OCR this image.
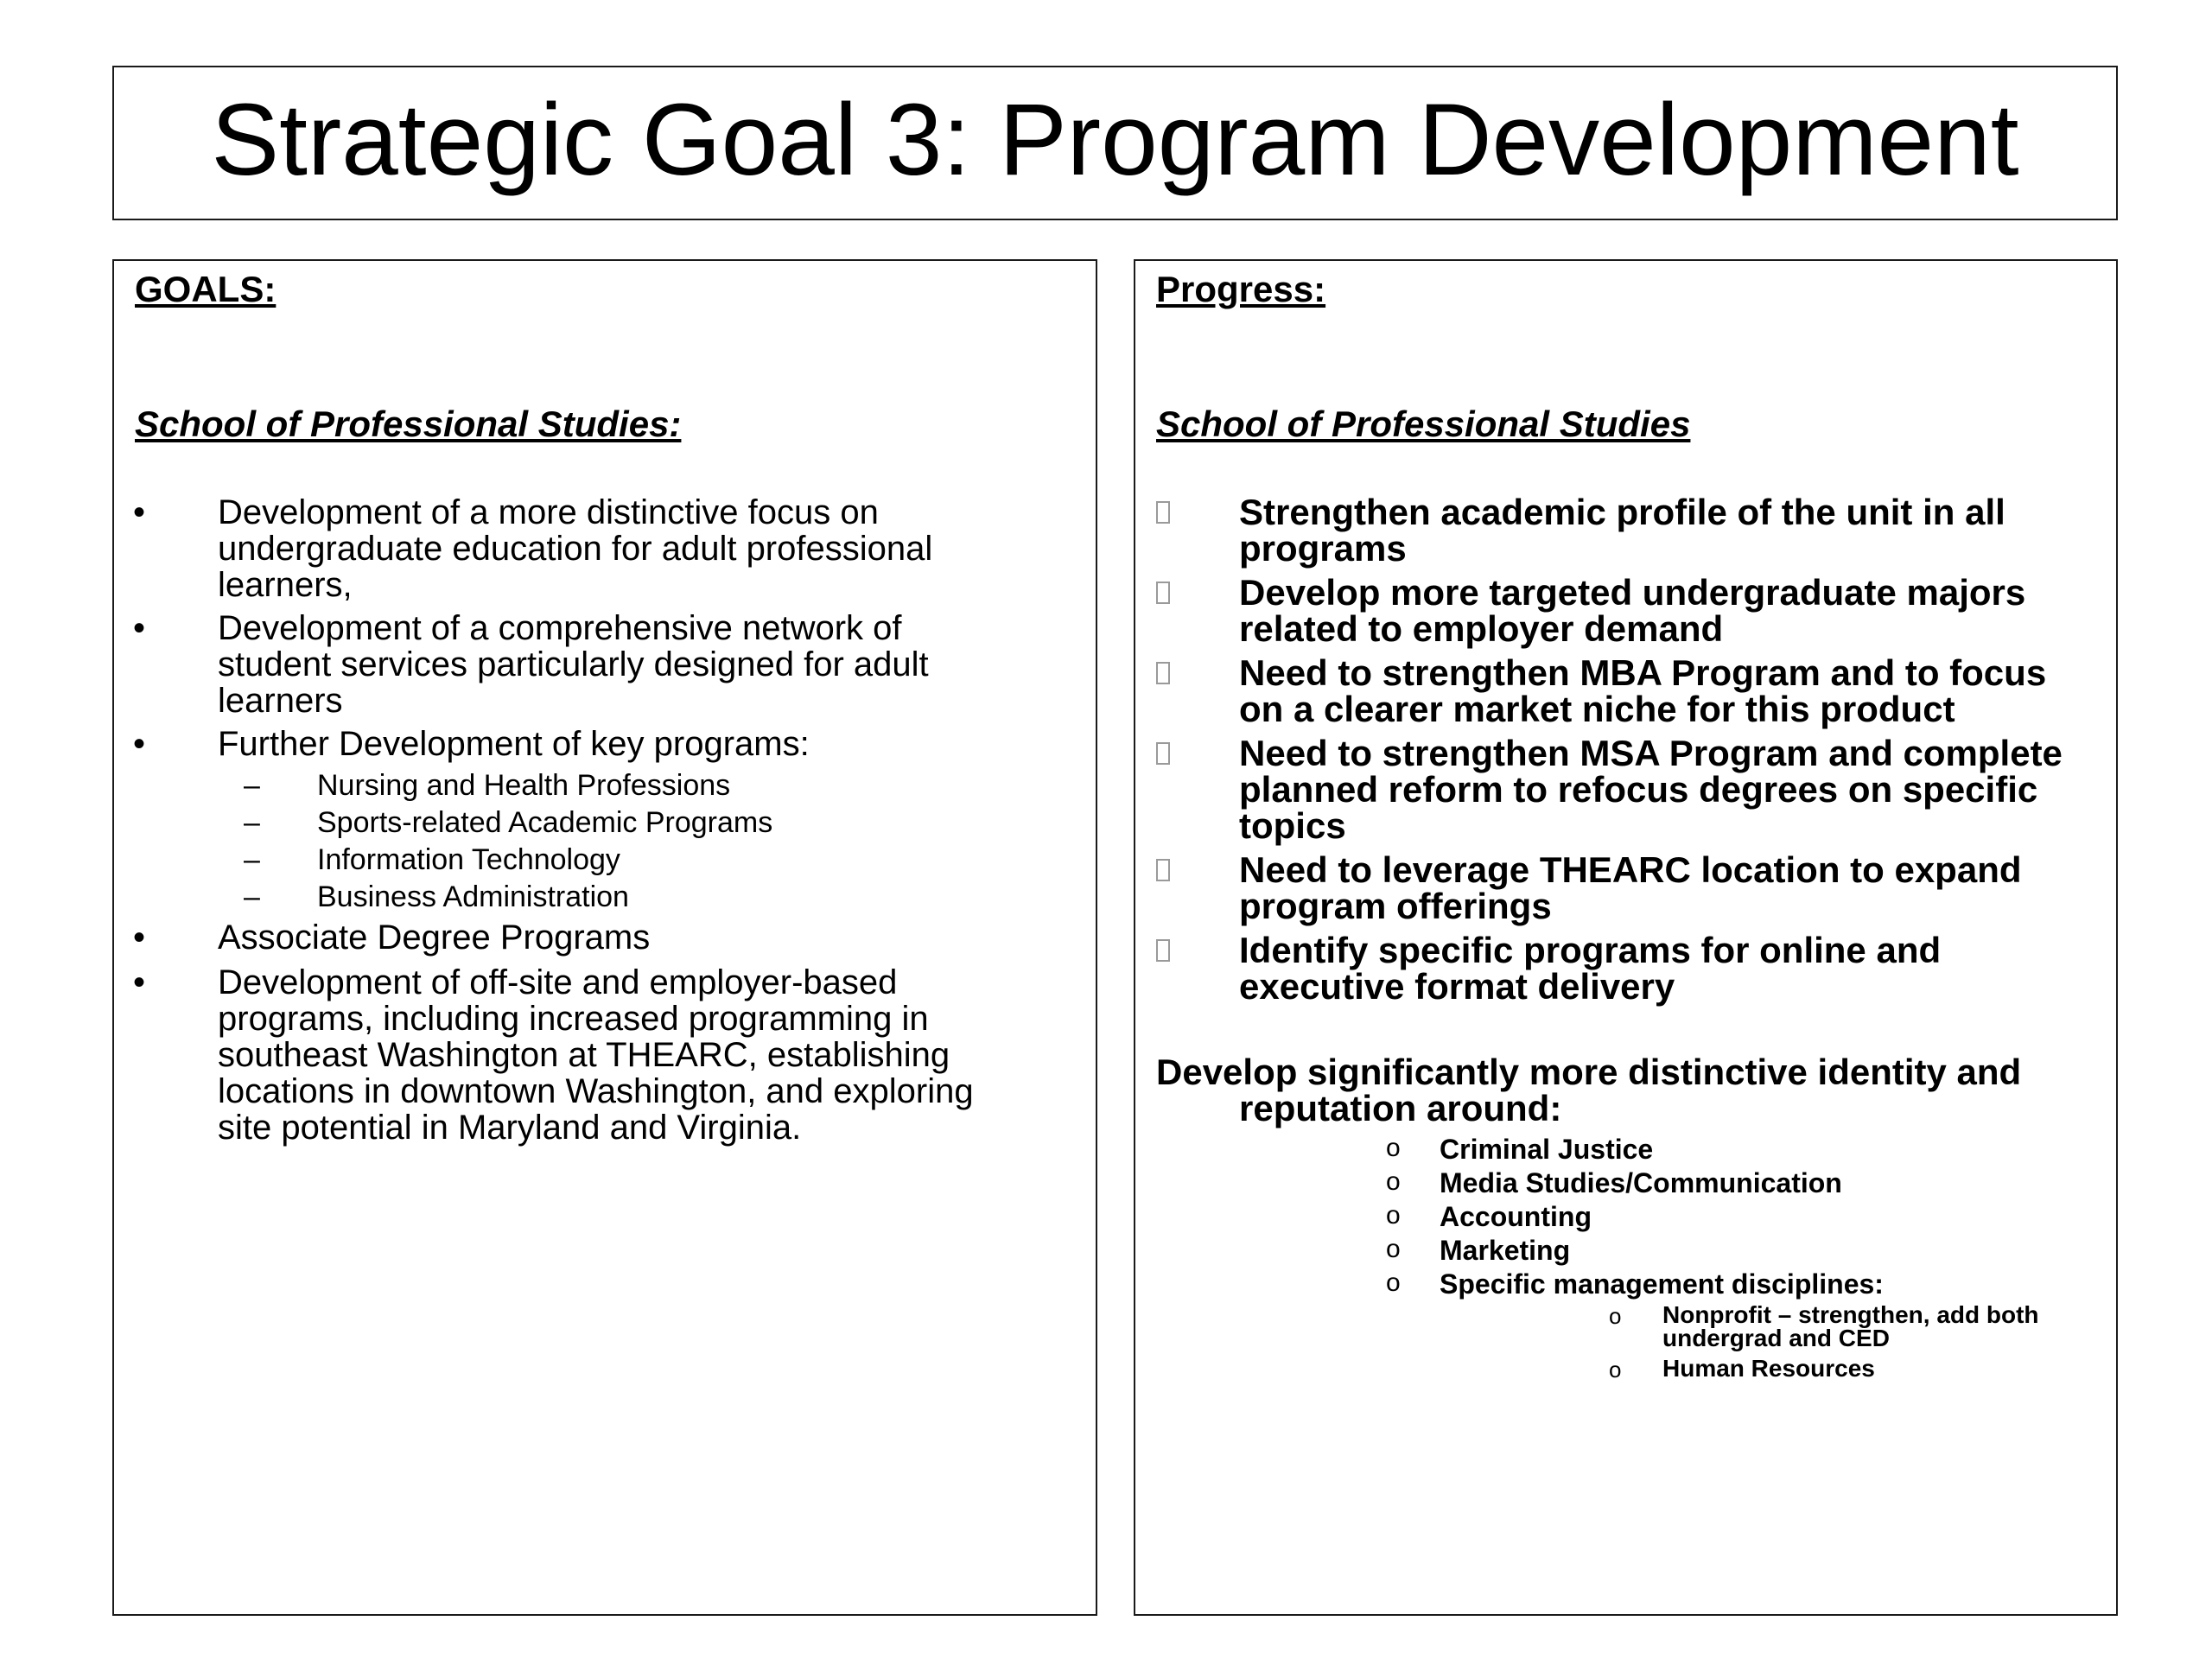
Strategic Goal 3: Program Development
GOALS:
School of Professional Studies:
• Development of a more distinctive focus on
undergraduate education for adult professional
learners,
• Development of a comprehensive network of
student services particularly designed for adult
learners
• Further Development of key programs:
– Nursing and Health Professions
– Sports-related Academic Programs
– Information Technology
– Business Administration
• Associate Degree Programs
• Development of off-site and employer-based
programs, including increased programming in
southeast Washington at THEARC, establishing
locations in downtown Washington, and exploring
site potential in Maryland and Virginia.
Progress:
School of Professional Studies
Strengthen academic profile of the unit in all
programs
Develop more targeted undergraduate majors
related to employer demand
Need to strengthen MBA Program and to focus
on a clearer market niche for this product
Need to strengthen MSA Program and complete
planned reform to refocus degrees on specific
topics
Need to leverage THEARC location to expand
program offerings
Identify specific programs for online and
executive format delivery
Develop significantly more distinctive identity and
reputation around:
o Criminal Justice
o Media Studies/Communication
o Accounting
o Marketing
o Specific management disciplines:
o Nonprofit – strengthen, add both
undergrad and CED
o Human Resources
